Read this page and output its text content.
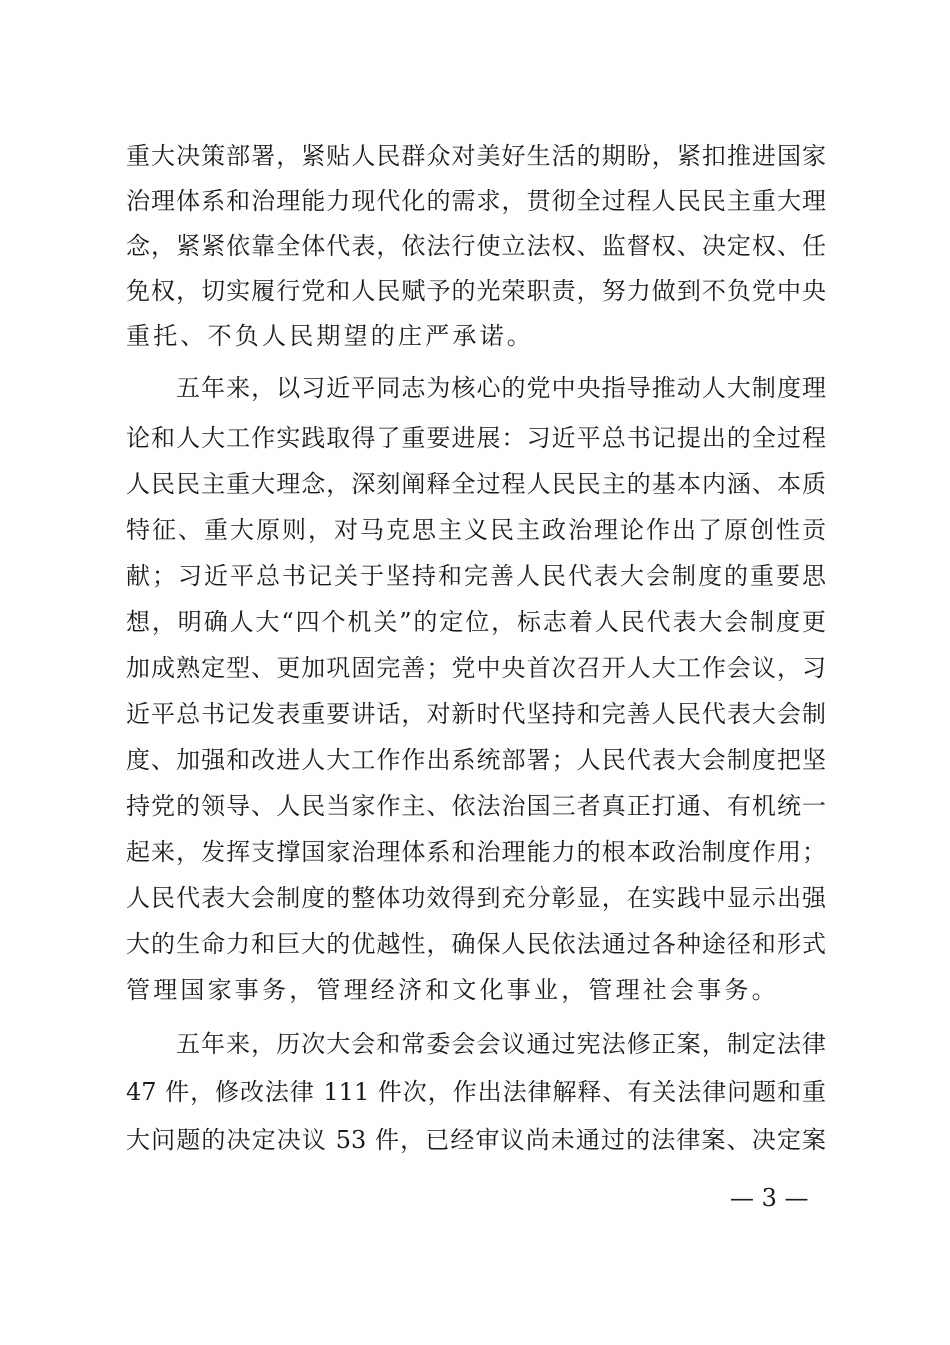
重大决策部署，紧贴人民群众对美好生活的期盼，紧扣推进国家
治理体系和治理能力现代化的需求，贯彻全过程人民民主重大理
念，紧紧依靠全体代表，依法行使立法权、监督权、决定权、任
免权，切实履行党和人民赋予的光荣职责，努力做到不负党中央
重托、不负人民期望的庄严承诺。
五年来，以习近平同志为核心的党中央指导推动人大制度理
论和人大工作实践取得了重要进展：习近平总书记提出的全过程
人民民主重大理念，深刻阐释全过程人民民主的基本内涵、本质
特征、重大原则，对马克思主义民主政治理论作出了原创性贡
献；习近平总书记关于坚持和完善人民代表大会制度的重要思
想，明确人大“四个机关”的定位，标志着人民代表大会制度更
加成熟定型、更加巩固完善；党中央首次召开人大工作会议，习
近平总书记发表重要讲话，对新时代坚持和完善人民代表大会制
度、加强和改进人大工作作出系统部署；人民代表大会制度把坚
持党的领导、人民当家作主、依法治国三者真正打通、有机统一
起来，发挥支撑国家治理体系和治理能力的根本政治制度作用；
人民代表大会制度的整体功效得到充分彰显，在实践中显示出强
大的生命力和巨大的优越性，确保人民依法通过各种途径和形式
管理国家事务，管理经济和文化事业，管理社会事务。
五年来，历次大会和常委会会议通过宪法修正案，制定法律
47 件，修改法律 111 件次，作出法律解释、有关法律问题和重
大问题的决定决议 53 件，已经审议尚未通过的法律案、决定案
— 3 —
